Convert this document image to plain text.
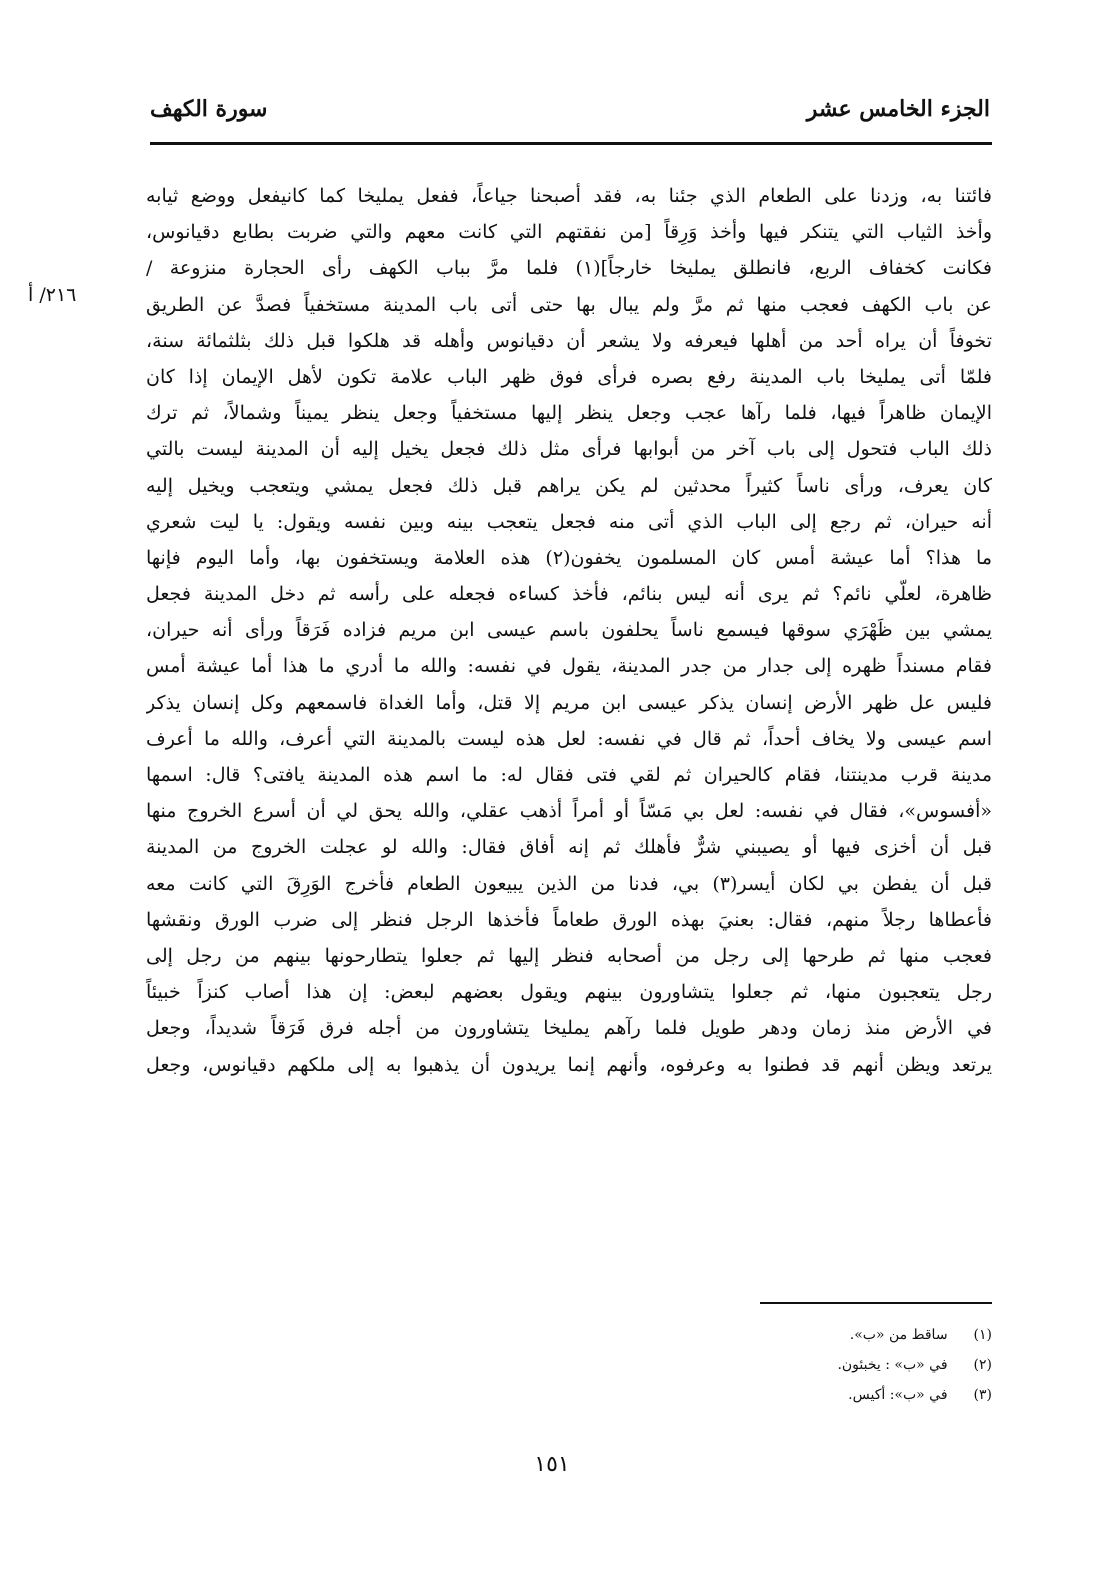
الجزء الخامس عشر
سورة الكهف
٢١٦/ أ
فائتنا به، وزدنا على الطعام الذي جئنا به، فقد أصبحنا جياعاً، ففعل يمليخا كما كانيفعل ووضع ثيابه
وأخذ الثياب التي يتنكر فيها وأخذ وَرِقاً [من نفقتهم التي كانت معهم والتي ضربت بطابع دقيانوس،
فكانت كخفاف الربع، فانطلق يمليخا خارجاً](١) فلما مرَّ بباب الكهف رأى الحجارة منزوعة /
عن باب الكهف فعجب منها ثم مرَّ ولم يبال بها حتى أتى باب المدينة مستخفياً فصدَّ عن الطريق
تخوفاً أن يراه أحد من أهلها فيعرفه ولا يشعر أن دقيانوس وأهله قد هلكوا قبل ذلك بثلثمائة سنة،
فلمّا أتى يمليخا باب المدينة رفع بصره فرأى فوق ظهر الباب علامة تكون لأهل الإيمان إذا كان
الإيمان ظاهراً فيها، فلما رآها عجب وجعل ينظر إليها مستخفياً وجعل ينظر يميناً وشمالاً، ثم ترك
ذلك الباب فتحول إلى باب آخر من أبوابها فرأى مثل ذلك فجعل يخيل إليه أن المدينة ليست بالتي
كان يعرف، ورأى ناساً كثيراً محدثين لم يكن يراهم قبل ذلك فجعل يمشي ويتعجب ويخيل إليه
أنه حيران، ثم رجع إلى الباب الذي أتى منه فجعل يتعجب بينه وبين نفسه ويقول: يا ليت شعري
ما هذا؟ أما عيشة أمس كان المسلمون يخفون(٢) هذه العلامة ويستخفون بها، وأما اليوم فإنها
ظاهرة، لعلّي نائم؟ ثم يرى أنه ليس بنائم، فأخذ كساءه فجعله على رأسه ثم دخل المدينة فجعل
يمشي بين ظَهْرَي سوقها فيسمع ناساً يحلفون باسم عيسى ابن مريم فزاده فَرَقاً ورأى أنه حيران،
فقام مسنداً ظهره إلى جدار من جدر المدينة، يقول في نفسه: والله ما أدري ما هذا أما عيشة أمس
فليس عل ظهر الأرض إنسان يذكر عيسى ابن مريم إلا قتل، وأما الغداة فاسمعهم وكل إنسان يذكر
اسم عيسى ولا يخاف أحداً، ثم قال في نفسه: لعل هذه ليست بالمدينة التي أعرف، والله ما أعرف
مدينة قرب مدينتنا، فقام كالحيران ثم لقي فتى فقال له: ما اسم هذه المدينة يافتى؟ قال: اسمها
«أفسوس»، فقال في نفسه: لعل بي مَسّاً أو أمراً أذهب عقلي، والله يحق لي أن أسرع الخروج منها
قبل أن أخزى فيها أو يصيبني شرٌّ فأهلك ثم إنه أفاق فقال: والله لو عجلت الخروج من المدينة
قبل أن يفطن بي لكان أيسر(٣) بي، فدنا من الذين يبيعون الطعام فأخرج الوَرِقَ التي كانت معه
فأعطاها رجلاً منهم، فقال: بعنيَ بهذه الورق طعاماً فأخذها الرجل فنظر إلى ضرب الورق ونقشها
فعجب منها ثم طرحها إلى رجل من أصحابه فنظر إليها ثم جعلوا يتطارحونها بينهم من رجل إلى
رجل يتعجبون منها، ثم جعلوا يتشاورون بينهم ويقول بعضهم لبعض: إن هذا أصاب كنزاً خبيئاً
في الأرض منذ زمان ودهر طويل فلما رآهم يمليخا يتشاورون من أجله فرق فَرَقاً شديداً، وجعل
يرتعد ويظن أنهم قد فطنوا به وعرفوه، وأنهم إنما يريدون أن يذهبوا به إلى ملكهم دقيانوس، وجعل
(١) ساقط من «ب».
(٢) في «ب» : يخبئون.
(٣) في «ب»: أكيس.
١٥١
